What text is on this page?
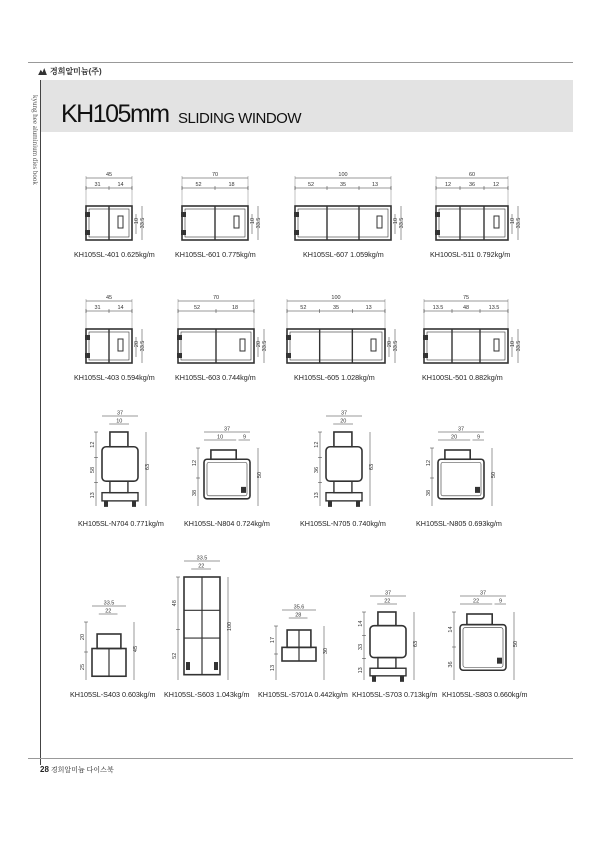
경희알미늄(주)
kyung hee aluminium dies book KH105mm SLIDING WINDOW
45
31	14
10 33.5
KH105SL-401 0.625kg/m
70
52	18
10 33.5
KH105SL-601 0.775kg/m
100
52	35	13
10 33.5
KH105SL-607 1.059kg/m
60
12	36	12
10 33.5
KH100SL-511 0.792kg/m
45
31	14
20 33.5
KH105SL-403 0.594kg/m
70
52	18
20 33.5
KH105SL-603 0.744kg/m
100
52	35	13
20 33.5
KH105SL-605 1.028kg/m
75
13.5	48	13.5
10 33.5
KH100SL-501 0.882kg/m
37
10
12
58
13
63
KH105SL-N704 0.771kg/m
37
10	9
12
38
50
KH105SL-N804 0.724kg/m
37
20
12
36
13
63
KH105SL-N705 0.740kg/m
37
20	9
12
38
50
KH105SL-N805 0.693kg/m
33.5
22
20
25
45
KH105SL-S403 0.603kg/m
33.5
22
48
52
100
KH105SL-S603 1.043kg/m
35.6
28
17
13
30
KH105SL-S701A 0.442kg/m
37
22
14
33
13
63
KH105SL-S703 0.713kg/m
37
22	9
14
36
50
KH105SL-S803 0.660kg/m
28 경희알미늄 다이스북
